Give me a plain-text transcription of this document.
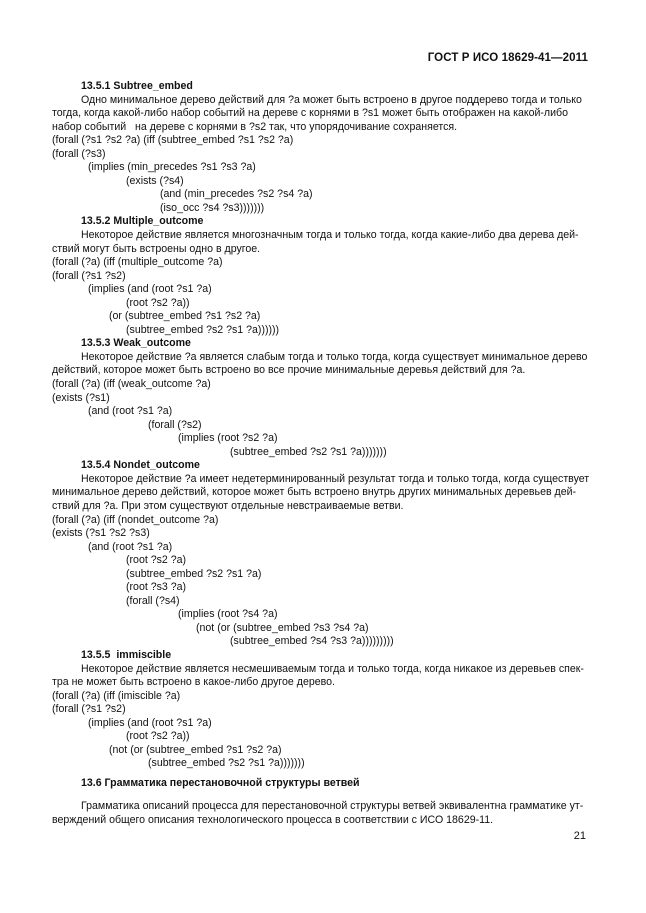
ГОСТ Р ИСО 18629-41—2011
13.5.1 Subtree_embed
Одно минимальное дерево действий для ?a может быть встроено в другое поддерево тогда и только
тогда, когда какой-либо набор событий на дереве с корнями в ?s1 может быть отображен на какой-либо
набор событий   на дереве с корнями в ?s2 так, что упорядочивание сохраняется.
(forall (?s1 ?s2 ?a) (iff (subtree_embed ?s1 ?s2 ?a)
(forall (?s3)
(implies (min_precedes ?s1 ?s3 ?a)
(exists (?s4)
(and (min_precedes ?s2 ?s4 ?a)
(iso_occ ?s4 ?s3)))))))
13.5.2 Multiple_outcome
Некоторое действие является многозначным тогда и только тогда, когда какие-либо два дерева дей-
ствий могут быть встроены одно в другое.
(forall (?a) (iff (multiple_outcome ?a)
(forall (?s1 ?s2)
(implies (and (root ?s1 ?a)
(root ?s2 ?a))
(or (subtree_embed ?s1 ?s2 ?a)
(subtree_embed ?s2 ?s1 ?a))))))
13.5.3 Weak_outcome
Некоторое действие ?a является слабым тогда и только тогда, когда существует минимальное дерево
действий, которое может быть встроено во все прочие минимальные деревья действий для ?a.
(forall (?a) (iff (weak_outcome ?a)
(exists (?s1)
(and (root ?s1 ?a)
(forall (?s2)
(implies (root ?s2 ?a)
(subtree_embed ?s2 ?s1 ?a)))))))
13.5.4 Nondet_outcome
Некоторое действие ?a имеет недетерминированный результат тогда и только тогда, когда существует
минимальное дерево действий, которое может быть встроено внутрь других минимальных деревьев дей-
ствий для ?a. При этом существуют отдельные невстраиваемые ветви.
(forall (?a) (iff (nondet_outcome ?a)
(exists (?s1 ?s2 ?s3)
(and (root ?s1 ?a)
(root ?s2 ?a)
(subtree_embed ?s2 ?s1 ?a)
(root ?s3 ?a)
(forall (?s4)
(implies (root ?s4 ?a)
(not (or (subtree_embed ?s3 ?s4 ?a)
(subtree_embed ?s4 ?s3 ?a)))))))))
13.5.5  immiscible
Некоторое действие является несмешиваемым тогда и только тогда, когда никакое из деревьев спек-
тра не может быть встроено в какое-либо другое дерево.
(forall (?a) (iff (imiscible ?a)
(forall (?s1 ?s2)
(implies (and (root ?s1 ?a)
(root ?s2 ?a))
(not (or (subtree_embed ?s1 ?s2 ?a)
(subtree_embed ?s2 ?s1 ?a)))))))
13.6 Грамматика перестановочной структуры ветвей
Грамматика описаний процесса для перестановочной структуры ветвей эквивалентна грамматике ут-
верждений общего описания технологического процесса в соответствии с ИСО 18629-11.
21
